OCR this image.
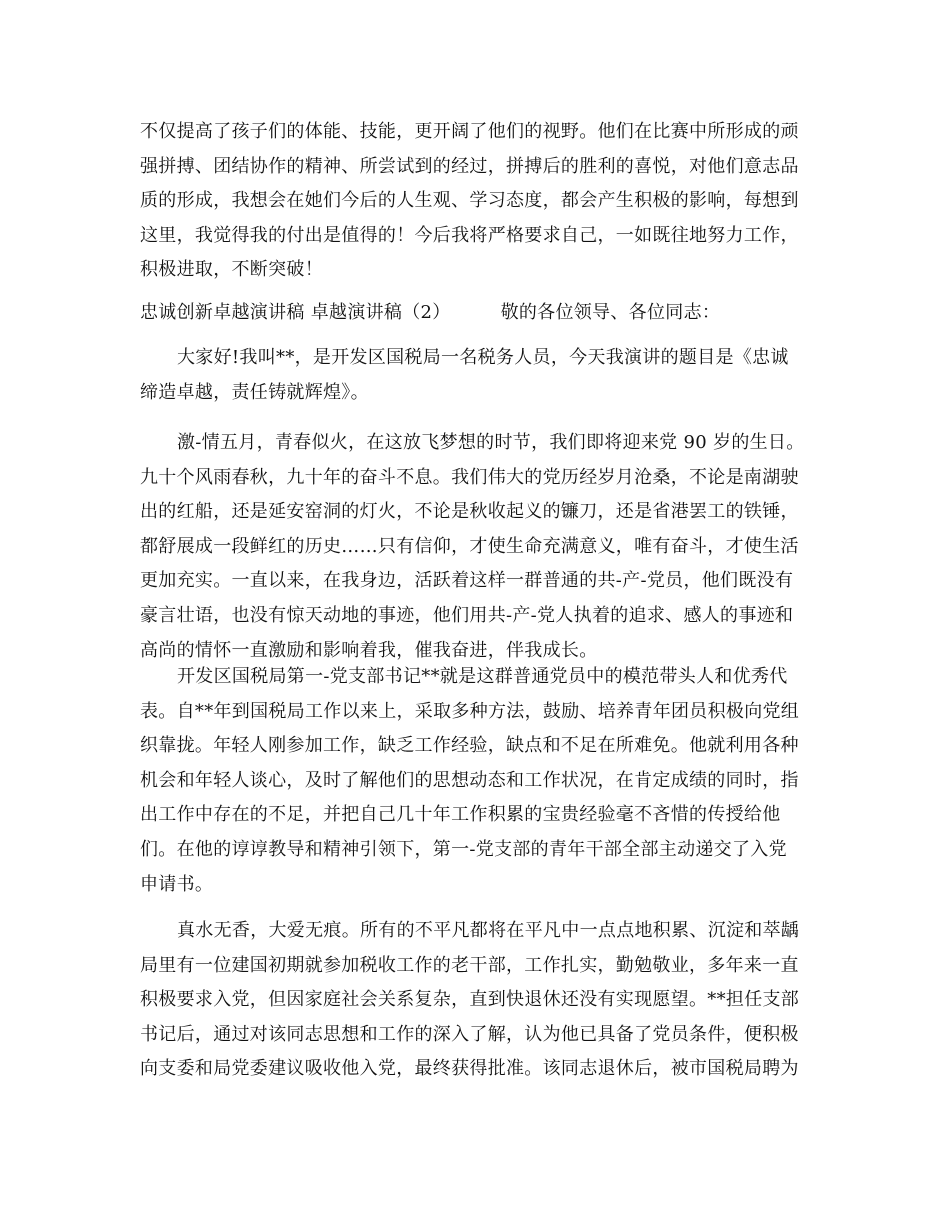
不仅提高了孩子们的体能、技能，更开阔了他们的视野。他们在比赛中所形成的顽
强拼搏、团结协作的精神、所尝试到的经过，拼搏后的胜利的喜悦，对他们意志品
质的形成，我想会在她们今后的人生观、学习态度，都会产生积极的影响，每想到
这里，我觉得我的付出是值得的！今后我将严格要求自己，一如既往地努力工作，
积极进取，不断突破！
忠诚创新卓越演讲稿 卓越演讲稿（2）	敬的各位领导、各位同志：
大家好!我叫**，是开发区国税局一名税务人员，今天我演讲的题目是《忠诚
缔造卓越，责任铸就辉煌》。
激-情五月，青春似火，在这放飞梦想的时节，我们即将迎来党 90 岁的生日。
九十个风雨春秋，九十年的奋斗不息。我们伟大的党历经岁月沧桑，不论是南湖驶
出的红船，还是延安窑洞的灯火，不论是秋收起义的镰刀，还是省港罢工的铁锤，
都舒展成一段鲜红的历史……只有信仰，才使生命充满意义，唯有奋斗，才使生活
更加充实。一直以来，在我身边，活跃着这样一群普通的共-产-党员，他们既没有
豪言壮语，也没有惊天动地的事迹，他们用共-产-党人执着的追求、感人的事迹和
高尚的情怀一直激励和影响着我，催我奋进，伴我成长。
开发区国税局第一-党支部书记**就是这群普通党员中的模范带头人和优秀代
表。自**年到国税局工作以来上，采取多种方法，鼓励、培养青年团员积极向党组
织靠拢。年轻人刚参加工作，缺乏工作经验，缺点和不足在所难免。他就利用各种
机会和年轻人谈心，及时了解他们的思想动态和工作状况，在肯定成绩的同时，指
出工作中存在的不足，并把自己几十年工作积累的宝贵经验毫不吝惜的传授给他
们。在他的谆谆教导和精神引领下，第一-党支部的青年干部全部主动递交了入党
申请书。
真水无香，大爱无痕。所有的不平凡都将在平凡中一点点地积累、沉淀和萃龋
局里有一位建国初期就参加税收工作的老干部，工作扎实，勤勉敬业，多年来一直
积极要求入党，但因家庭社会关系复杂，直到快退休还没有实现愿望。**担任支部
书记后，通过对该同志思想和工作的深入了解，认为他已具备了党员条件，便积极
向支委和局党委建议吸收他入党，最终获得批准。该同志退休后，被市国税局聘为
